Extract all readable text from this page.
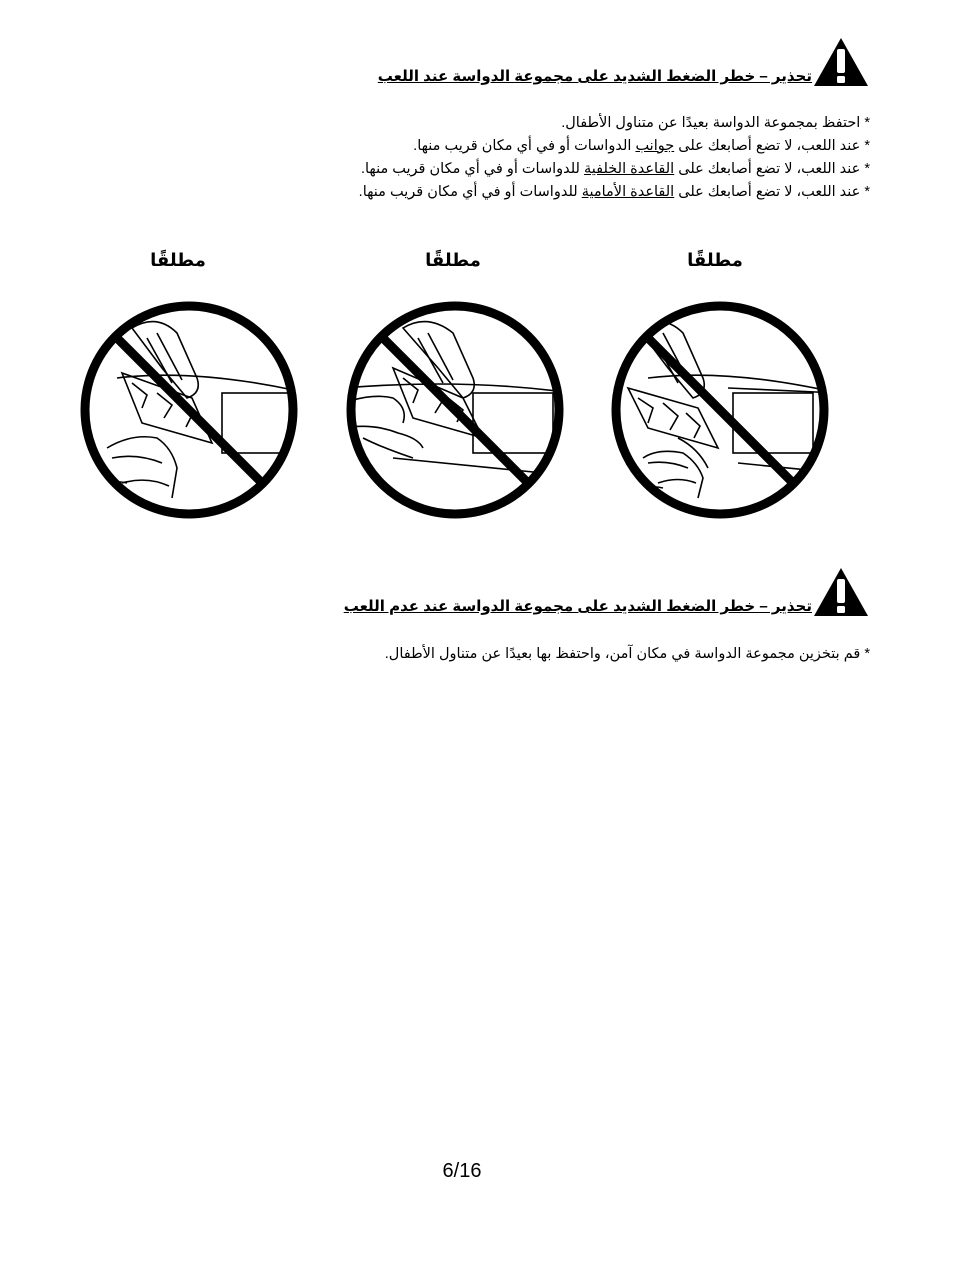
تحذير – خطر الضغط الشديد على مجموعة الدواسة عند اللعب
* احتفظ بمجموعة الدواسة بعيدًا عن متناول الأطفال.
* عند اللعب، لا تضع أصابعك على جوانب الدواسات أو في أي مكان قريب منها.
* عند اللعب، لا تضع أصابعك على القاعدة الخلفية للدواسات أو في أي مكان قريب منها.
* عند اللعب، لا تضع أصابعك على القاعدة الأمامية للدواسات أو في أي مكان قريب منها.
مطلقًا
مطلقًا
مطلقًا
تحذير – خطر الضغط الشديد على مجموعة الدواسة عند عدم اللعب
* قم بتخزين مجموعة الدواسة في مكان آمن، واحتفظ بها بعيدًا عن متناول الأطفال.
6/16
